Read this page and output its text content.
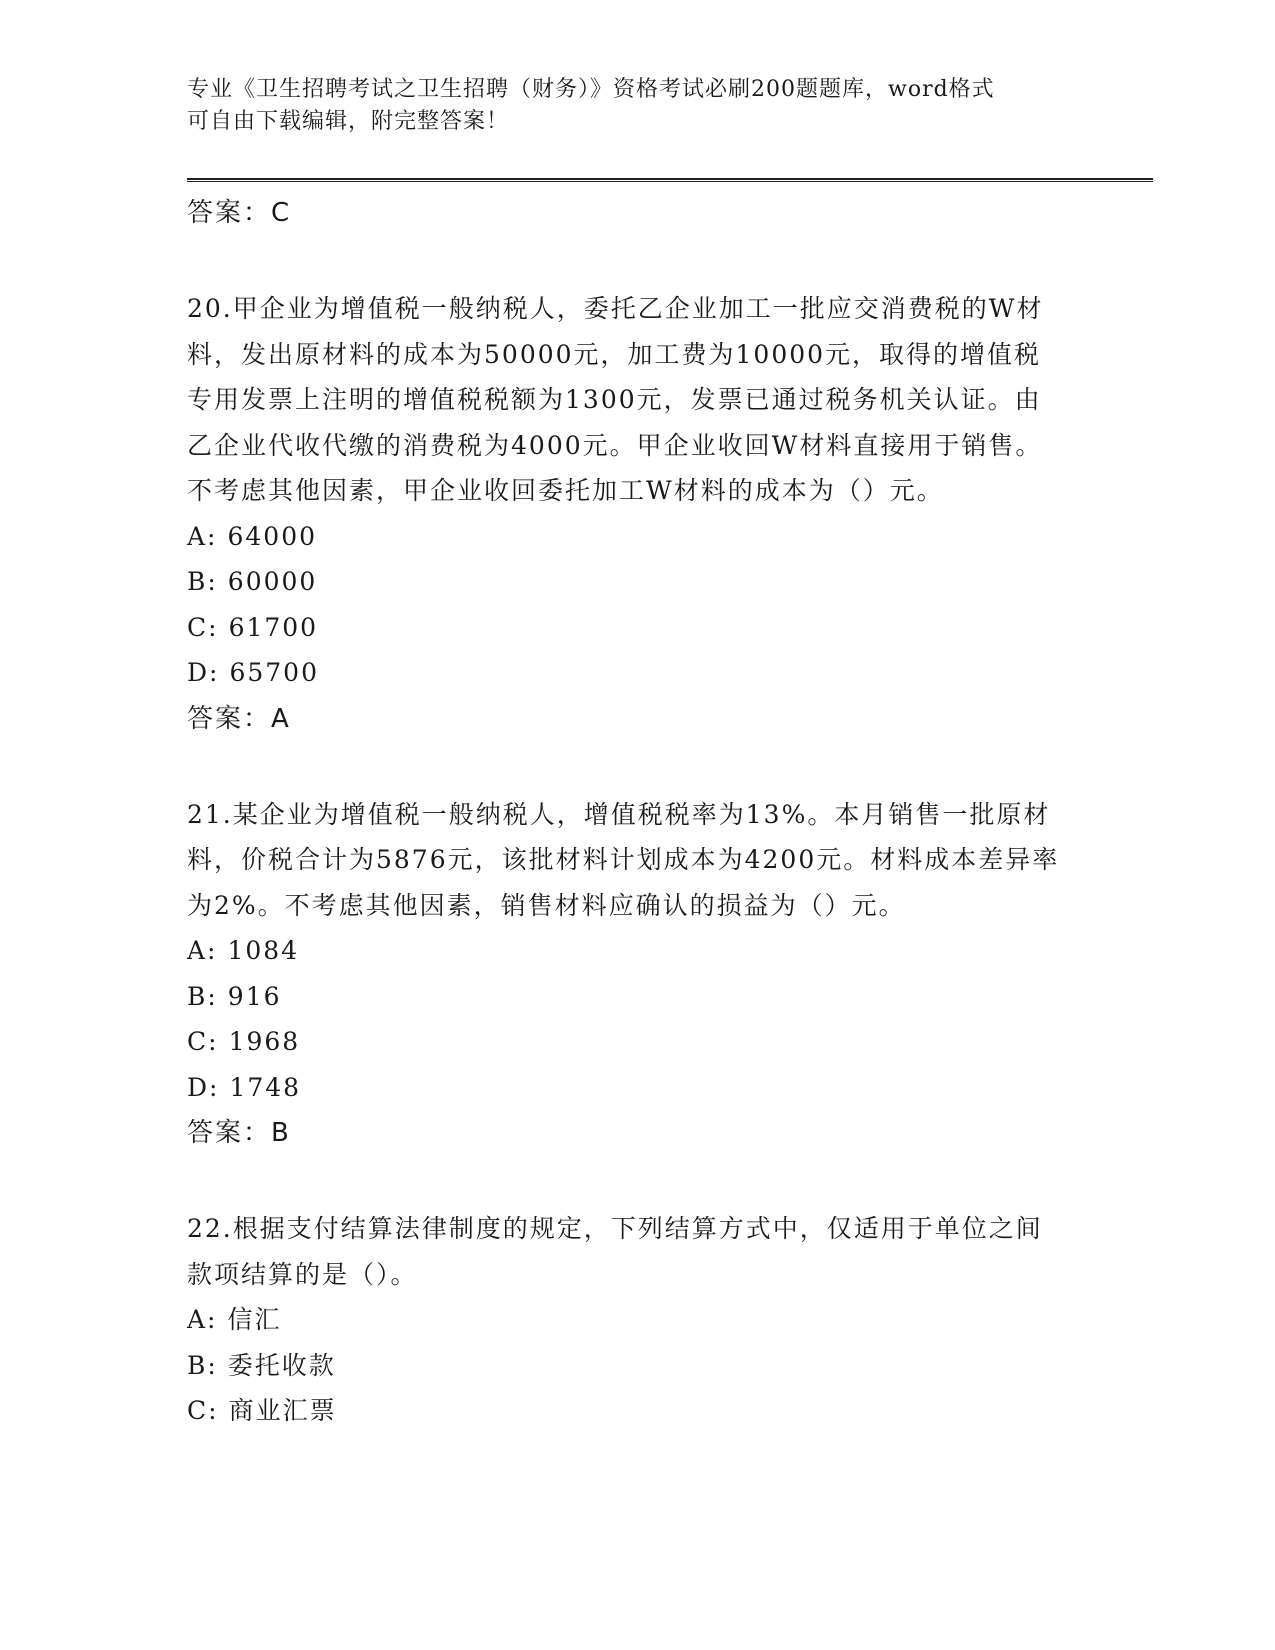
专业《卫生招聘考试之卫生招聘（财务）》资格考试必刷200题题库，word格式
可自由下载编辑，附完整答案！
答案：C
20.甲企业为增值税一般纳税人，委托乙企业加工一批应交消费税的W材料，发出原材料的成本为50000元，加工费为10000元，取得的增值税专用发票上注明的增值税税额为1300元，发票已通过税务机关认证。由乙企业代收代缴的消费税为4000元。甲企业收回W材料直接用于销售。不考虑其他因素，甲企业收回委托加工W材料的成本为（）元。
A: 64000
B: 60000
C: 61700
D: 65700
答案：A
21.某企业为增值税一般纳税人，增值税税率为13%。本月销售一批原材料，价税合计为5876元，该批材料计划成本为4200元。材料成本差异率为2%。不考虑其他因素，销售材料应确认的损益为（）元。
A: 1084
B: 916
C: 1968
D: 1748
答案：B
22.根据支付结算法律制度的规定，下列结算方式中，仅适用于单位之间款项结算的是（）。
A: 信汇
B: 委托收款
C: 商业汇票
